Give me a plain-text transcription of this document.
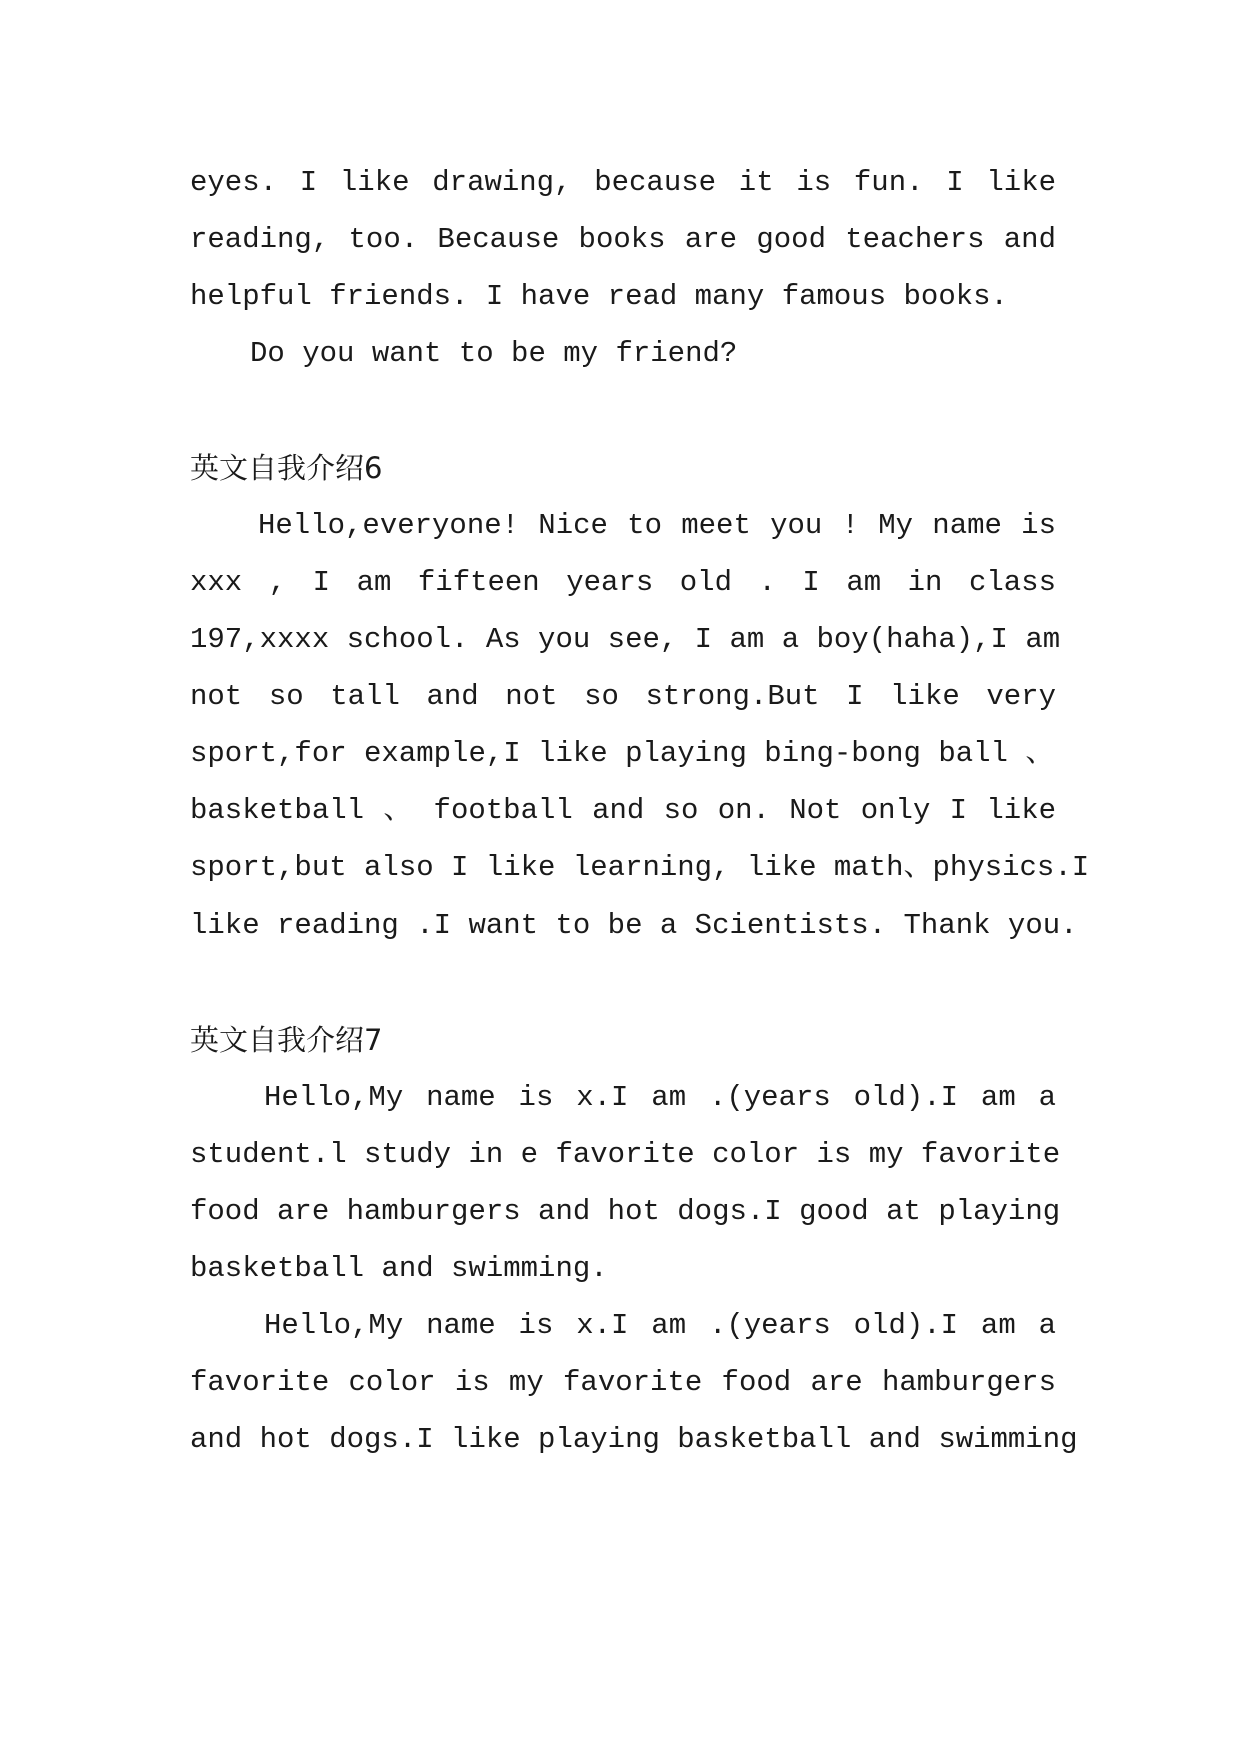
eyes. I like drawing, because it is fun. I like
reading, too. Because books are good teachers and
helpful friends. I have read many famous books.
Do you want to be my friend?
英文自我介绍6
Hello,everyone! Nice to meet you ! My name is
xxx , I am fifteen years old . I am in class
197,xxxx school. As you see, I am a boy(haha),I am
not so tall and not so strong.But I like very
sport,for example,I like playing bing-bong ball 、
basketball 、 football and so on. Not only I like
sport,but also I like learning, like math、physics.I
like reading .I want to be a Scientists. Thank you.
英文自我介绍7
Hello,My name is x.I am .(years old).I am a
student.l study in e favorite color is my favorite
food are hamburgers and hot dogs.I good at playing
basketball and swimming.
Hello,My name is x.I am .(years old).I am a
favorite color is my favorite food are hamburgers
and hot dogs.I like playing basketball and swimming
